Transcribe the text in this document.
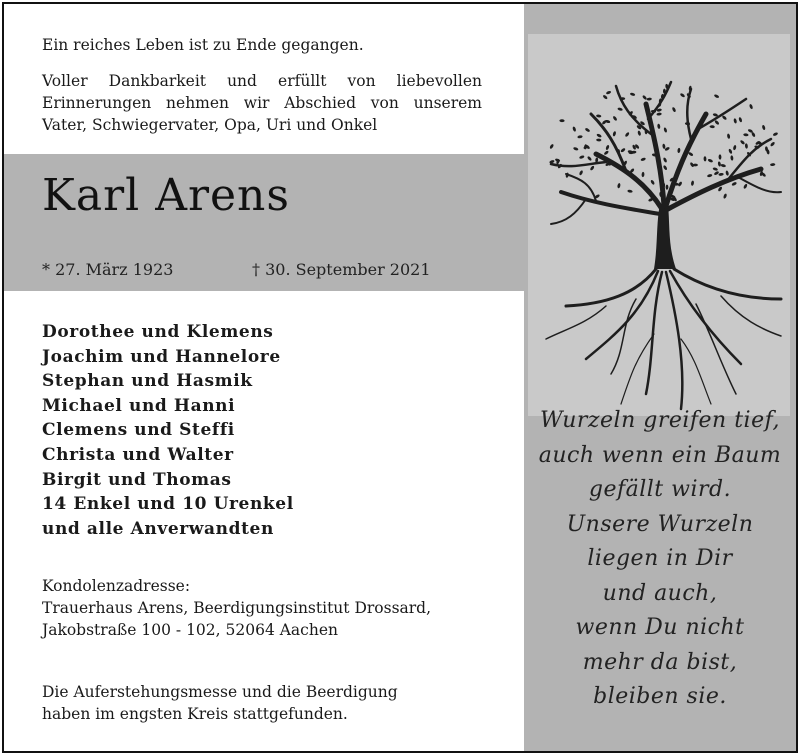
Ein reiches Leben ist zu Ende gegangen.

Voller Dankbarkeit und erfüllt von liebevollen Erinnerungen nehmen wir Abschied von unserem Vater, Schwiegervater, Opa, Uri und Onkel

Karl Arens
* 27. März 1923	† 30. September 2021
Dorothee und Klemens
Joachim und Hannelore
Stephan und Hasmik
Michael und Hanni
Clemens und Steffi
Christa und Walter
Birgit und Thomas
14 Enkel und 10 Urenkel
und alle Anverwandten
Kondolenzadresse:
Trauerhaus Arens, Beerdigungsinstitut Drossard,
Jakobstraße 100 - 102, 52064 Aachen
Die Auferstehungsmesse und die Beerdigung
haben im engsten Kreis stattgefunden.
Wurzeln greifen tief,
auch wenn ein Baum
gefällt wird.
Unsere Wurzeln
liegen in Dir
und auch,
wenn Du nicht
mehr da bist,
bleiben sie.
